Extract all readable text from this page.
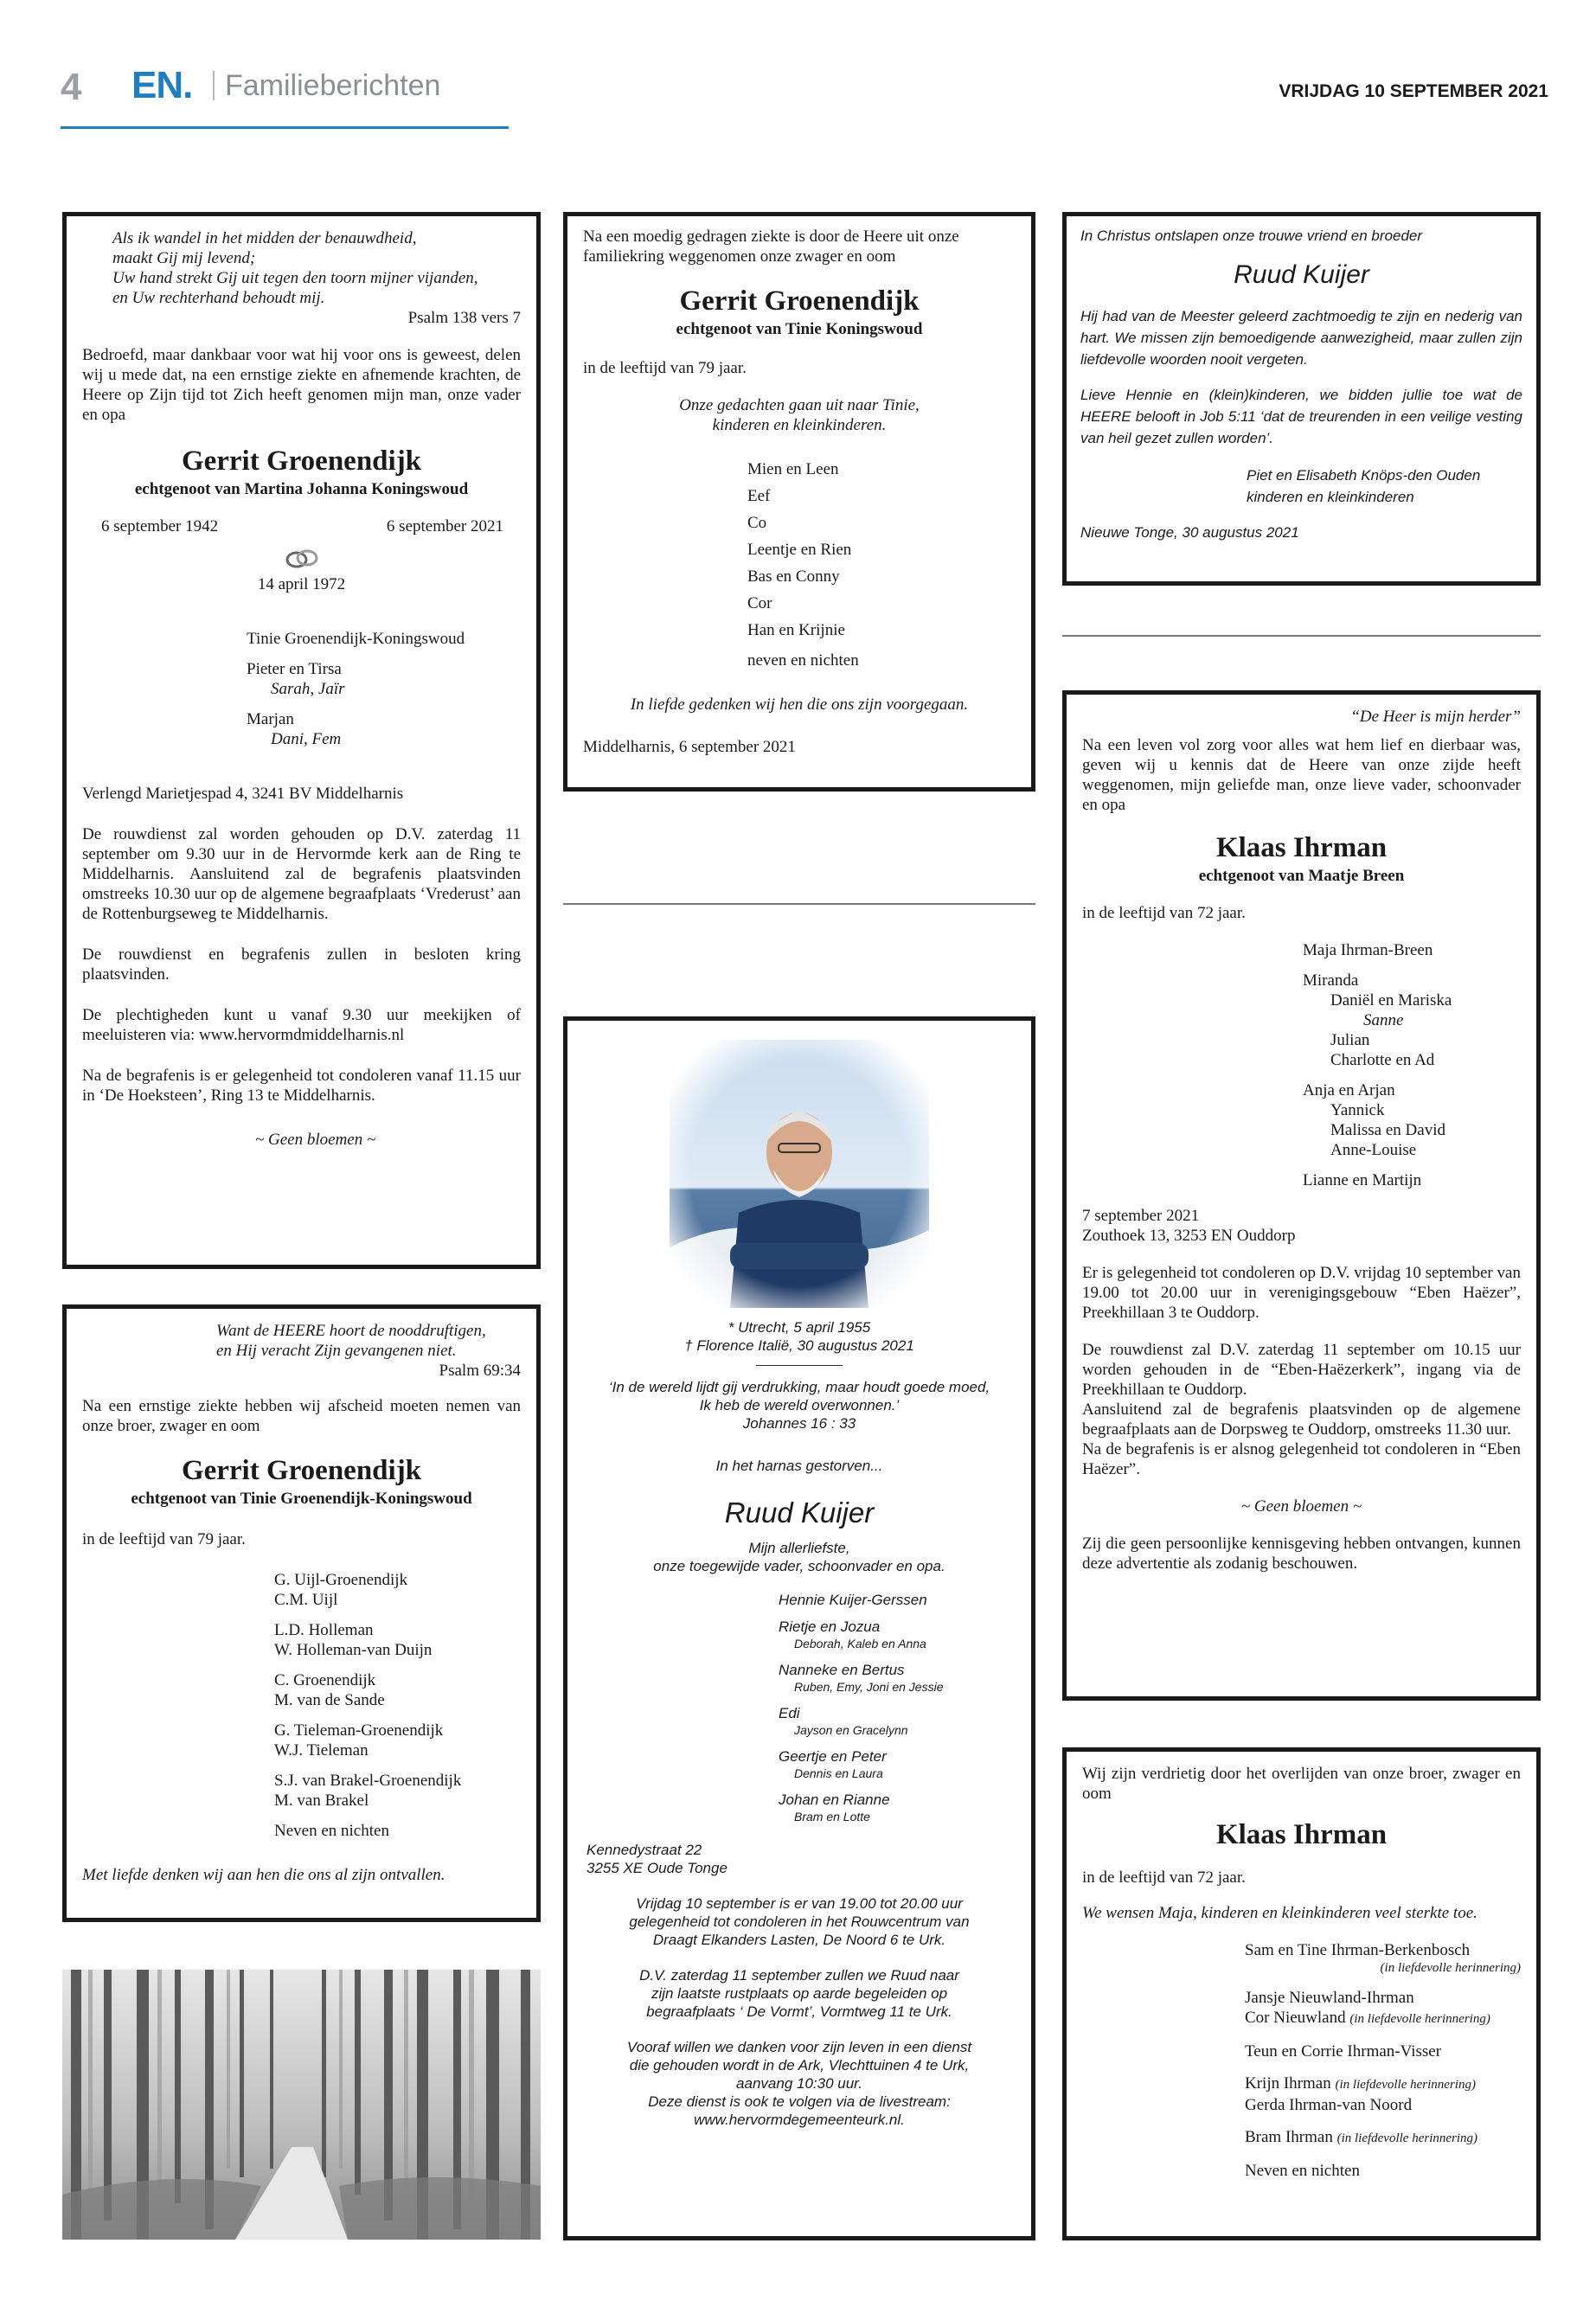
4 EN. Familieberichten	VRIJDAG 10 SEPTEMBER 2021
Als ik wandel in het midden der benauwdheid,
maakt Gij mij levend;
Uw hand strekt Gij uit tegen den toorn mijner vijanden,
en Uw rechterhand behoudt mij.
Psalm 138 vers 7

Bedroefd, maar dankbaar voor wat hij voor ons is geweest, delen wij u mede dat, na een ernstige ziekte en afnemende krachten, de Heere op Zijn tijd tot Zich heeft genomen mijn man, onze vader en opa

Gerrit Groenendijk
echtgenoot van Martina Johanna Koningswoud
6 september 1942	6 september 2021
14 april 1972
Tinie Groenendijk-Koningswoud
Pieter en Tirsa
Sarah, Jaïr
Marjan
Dani, Fem
Verlengd Marietjespad 4, 3241 BV Middelharnis

De rouwdienst zal worden gehouden op D.V. zaterdag 11 september om 9.30 uur in de Hervormde kerk aan de Ring te Middelharnis. Aansluitend zal de begrafenis plaatsvinden omstreeks 10.30 uur op de algemene begraafplaats ‘Vrederust’ aan de Rottenburgseweg te Middelharnis.

De rouwdienst en begrafenis zullen in besloten kring plaatsvinden.

De plechtigheden kunt u vanaf 9.30 uur meekijken of meeluisteren via: www.hervormdmiddelharnis.nl

Na de begrafenis is er gelegenheid tot condoleren vanaf 11.15 uur in ‘De Hoeksteen’, Ring 13 te Middelharnis.

~ Geen bloemen ~
Want de HEERE hoort de nooddruftigen,
en Hij veracht Zijn gevangenen niet.
Psalm 69:34

Na een ernstige ziekte hebben wij afscheid moeten nemen van onze broer, zwager en oom

Gerrit Groenendijk
echtgenoot van Tinie Groenendijk-Koningswoud
in de leeftijd van 79 jaar.
G. Uijl-Groenendijk
C.M. Uijl
L.D. Holleman
W. Holleman-van Duijn
C. Groenendijk
M. van de Sande
G. Tieleman-Groenendijk
W.J. Tieleman
S.J. van Brakel-Groenendijk
M. van Brakel
Neven en nichten
Met liefde denken wij aan hen die ons al zijn ontvallen.

Na een moedig gedragen ziekte is door de Heere uit onze familiekring weggenomen onze zwager en oom

Gerrit Groenendijk
echtgenoot van Tinie Koningswoud
in de leeftijd van 79 jaar.
Onze gedachten gaan uit naar Tinie,
kinderen en kleinkinderen.
Mien en Leen
Eef
Co
Leentje en Rien
Bas en Conny
Cor
Han en Krijnie
neven en nichten
In liefde gedenken wij hen die ons zijn voorgegaan.
Middelharnis, 6 september 2021
* Utrecht, 5 april 1955
† Florence Italië, 30 augustus 2021
‘In de wereld lijdt gij verdrukking, maar houdt goede moed,
Ik heb de wereld overwonnen.’
Johannes 16 : 33
In het harnas gestorven...
Ruud Kuijer
Mijn allerliefste,
onze toegewijde vader, schoonvader en opa.
Hennie Kuijer-Gerssen
Rietje en Jozua
Deborah, Kaleb en Anna
Nanneke en Bertus
Ruben, Emy, Joni en Jessie
Edi
Jayson en Gracelynn
Geertje en Peter
Dennis en Laura
Johan en Rianne
Bram en Lotte
Kennedystraat 22
3255 XE Oude Tonge
Vrijdag 10 september is er van 19.00 tot 20.00 uur
gelegenheid tot condoleren in het Rouwcentrum van
Draagt Elkanders Lasten, De Noord 6 te Urk.
D.V. zaterdag 11 september zullen we Ruud naar
zijn laatste rustplaats op aarde begeleiden op
begraafplaats ‘ De Vormt’, Vormtweg 11 te Urk.
Vooraf willen we danken voor zijn leven in een dienst
die gehouden wordt in de Ark, Vlechttuinen 4 te Urk,
aanvang 10:30 uur.
Deze dienst is ook te volgen via de livestream:
www.hervormdegemeenteurk.nl.
In Christus ontslapen onze trouwe vriend en broeder
Ruud Kuijer

Hij had van de Meester geleerd zachtmoedig te zijn en nederig van hart. We missen zijn bemoedigende aanwezigheid, maar zullen zijn liefdevolle woorden nooit vergeten.

Lieve Hennie en (klein)kinderen, we bidden jullie toe wat de HEERE belooft in Job 5:11 ‘dat de treurenden in een veilige vesting van heil gezet zullen worden’.

Piet en Elisabeth Knöps-den Ouden
kinderen en kleinkinderen
Nieuwe Tonge, 30 augustus 2021
“De Heer is mijn herder”

Na een leven vol zorg voor alles wat hem lief en dierbaar was, geven wij u kennis dat de Heere van onze zijde heeft weggenomen, mijn geliefde man, onze lieve vader, schoonvader en opa

Klaas Ihrman
echtgenoot van Maatje Breen
in de leeftijd van 72 jaar.
Maja Ihrman-Breen
Miranda
Daniël en Mariska
Sanne
Julian
Charlotte en Ad
Anja en Arjan
Yannick
Malissa en David
Anne-Louise
Lianne en Martijn
7 september 2021
Zouthoek 13, 3253 EN Ouddorp

Er is gelegenheid tot condoleren op D.V. vrijdag 10 september van 19.00 tot 20.00 uur in verenigingsgebouw “Eben Haëzer”, Preekhillaan 3 te Ouddorp.

De rouwdienst zal D.V. zaterdag 11 september om 10.15 uur worden gehouden in de “Eben-Haëzerkerk”, ingang via de Preekhillaan te Ouddorp.
Aansluitend zal de begrafenis plaatsvinden op de algemene begraafplaats aan de Dorpsweg te Ouddorp, omstreeks 11.30 uur.
Na de begrafenis is er alsnog gelegenheid tot condoleren in “Eben Haëzer”.

~ Geen bloemen ~

Zij die geen persoonlijke kennisgeving hebben ontvangen, kunnen deze advertentie als zodanig beschouwen.

Wij zijn verdrietig door het overlijden van onze broer, zwager en oom

Klaas Ihrman
in de leeftijd van 72 jaar.
We wensen Maja, kinderen en kleinkinderen veel sterkte toe.
Sam en Tine Ihrman-Berkenbosch
(in liefdevolle herinnering)
Jansje Nieuwland-Ihrman
Cor Nieuwland (in liefdevolle herinnering)
Teun en Corrie Ihrman-Visser
Krijn Ihrman (in liefdevolle herinnering)
Gerda Ihrman-van Noord
Bram Ihrman (in liefdevolle herinnering)
Neven en nichten
